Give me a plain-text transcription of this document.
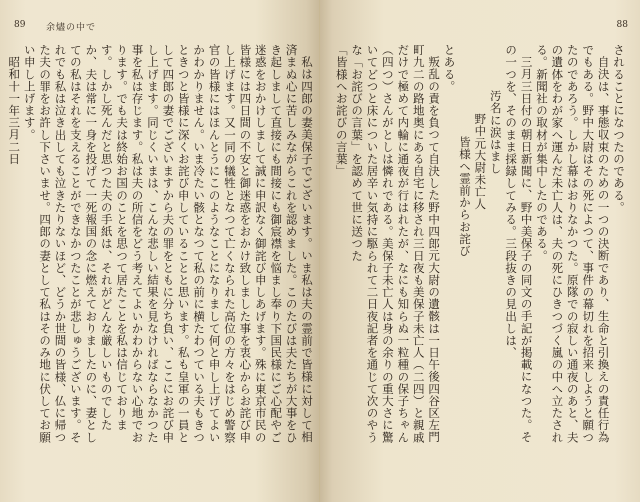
89 余燼の中で

私は四郎の妻美保子でございます。いま私は夫の霊前で皆様に対して相済まぬ心に苦しみながらこれを認めました。このたびは夫たちが大事をひき起しまして直接にも間接にも御宸襟を悩まし奉り下国民様にご心配やご迷惑をおかけしまして誠に申訳なく御詫び申しあげます。殊に東京市民の皆様には四日間の不安と御迷惑をおかけ致しました事を衷心からお詫び申し上げます。又一同の犠牲となつて亡くなられた高位の方々をはじめ警察官の皆様にはほんとうにこのようなことになりまして何と申し上げてよいかわかりません。いま冷たい骸となつて私の前に横たわつている夫もきつときつと皆様に深くお詫び申していることと思います。私も皇軍の一員として四郎の妻でございますから夫の罪をともに分ち負い、ここにお詫び申し上げます。同じくいまは、こんな悲しい結果を見なければならなかつた事を私は存じます。私は夫の所信をどう考えてよいかわからない心地でおります。でも夫は終始お国のことを思つて居たことを私は信じております。しかし死んだと思つた夫の手紙は、それがどんな厳しいものでしたか、夫は常に一身を投げて一死報国の念に燃えておりましたのに、妻としての私はそれを支えることができなかつたことが悲しゅうございます。それでも私は泣き出しても泣きたりないほど、どうか世間の皆様、仏に帰つた夫の罪をお許し下さいませ。四郎の妻として私はそのみ地に伏してお願い申し上げます。

昭和十一年三月二日

88

されることになつたのである。

自決は、事態収束のための一つの決断であり、生命と引換えの責任行為でもある。野中大尉はその死によつて、事件の幕切れを招来しようと願つたのであろう。しかし幕はおりなかつた。原隊での寂しい通夜のあと、夫の遺体をわが家へ運んだ未亡人は、夫の死にひきつづく嵐の中へ立たされる。新聞社の取材が集中したのである。

三月三日付の朝日新聞に、野中美保子の同文の手記が掲載になつた。その一つを、そのまま採録してみる。三段抜きの見出しは、

汚名に涙はまし

野中元大尉未亡人

皆様へ霊前からお詫び

とある。

叛乱の責を負つて自決した野中四郎元大尉の遺骸は一日午後四谷区左門町九二の路地奥にある自宅に移され三日夜も美保子未亡人（二四）と親戚だけで極めて内輪に通夜が行はれたが、なにも知らぬ一粒種の保子ちゃん（四つ）さんがとしは憐れである。美保子未亡人は身の余りの重大さに驚いてどつと床についた居辛い気持に駆られて二日夜記者を通じて次のやうな「お詫びの言葉」を認めて世に送つた

「皆様へお詫びの言葉」
